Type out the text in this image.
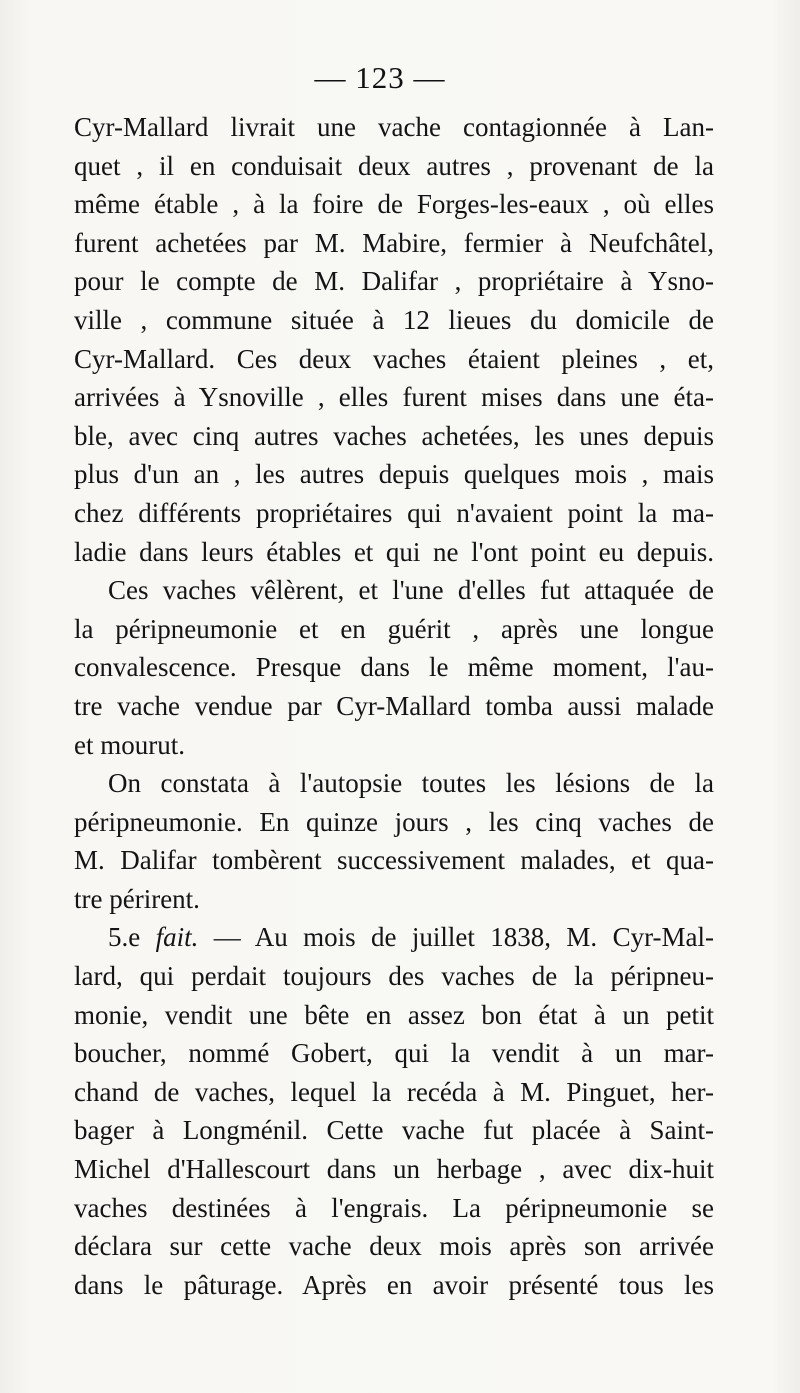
— 123 —
Cyr-Mallard livrait une vache contagionnée à Lan-
quet , il en conduisait deux autres , provenant de la
même étable , à la foire de Forges-les-eaux , où elles
furent achetées par M. Mabire, fermier à Neufchâtel,
pour le compte de M. Dalifar , propriétaire à Ysno-
ville , commune située à 12 lieues du domicile de
Cyr-Mallard. Ces deux vaches étaient pleines , et,
arrivées à Ysnoville , elles furent mises dans une éta-
ble, avec cinq autres vaches achetées, les unes depuis
plus d'un an , les autres depuis quelques mois , mais
chez différents propriétaires qui n'avaient point la ma-
ladie dans leurs étables et qui ne l'ont point eu depuis.
Ces vaches vêlèrent, et l'une d'elles fut attaquée de
la péripneumonie et en guérit , après une longue
convalescence. Presque dans le même moment, l'au-
tre vache vendue par Cyr-Mallard tomba aussi malade
et mourut.
On constata à l'autopsie toutes les lésions de la
péripneumonie. En quinze jours , les cinq vaches de
M. Dalifar tombèrent successivement malades, et qua-
tre périrent.
5.e fait. — Au mois de juillet 1838, M. Cyr-Mal-
lard, qui perdait toujours des vaches de la péripneu-
monie, vendit une bête en assez bon état à un petit
boucher, nommé Gobert, qui la vendit à un mar-
chand de vaches, lequel la recéda à M. Pinguet, her-
bager à Longménil. Cette vache fut placée à Saint-
Michel d'Hallescourt dans un herbage , avec dix-huit
vaches destinées à l'engrais. La péripneumonie se
déclara sur cette vache deux mois après son arrivée
dans le pâturage. Après en avoir présenté tous les
